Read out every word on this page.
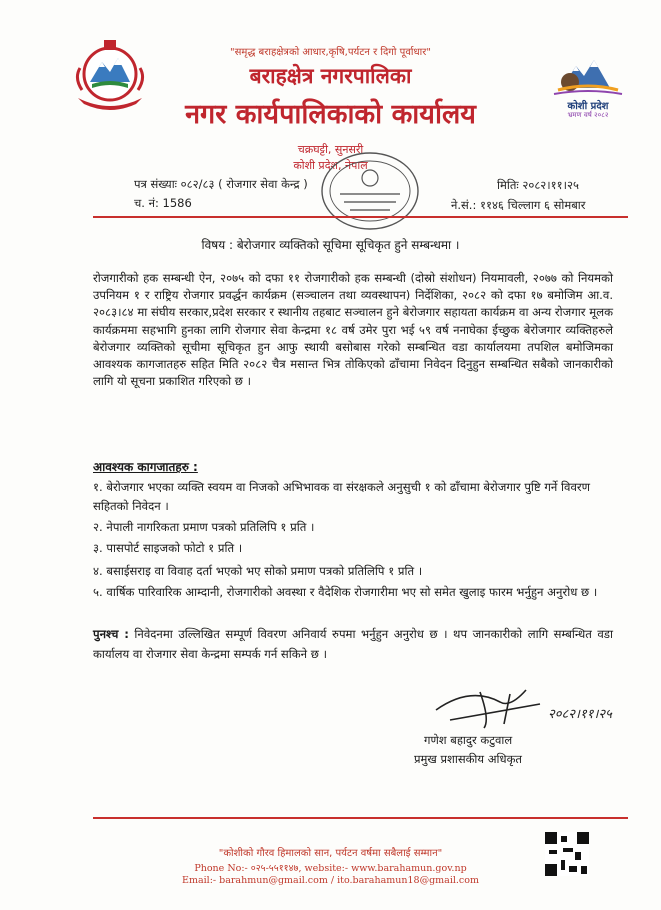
कोशी प्रदेश
भ्रमण वर्ष २०८२
"समृद्ध बराहक्षेत्रको आधार,कृषि,पर्यटन र दिगो पूर्वाधार"
बराहक्षेत्र नगरपालिका
नगर कार्यपालिकाको कार्यालय
चक्रघट्टी, सुनसरी
कोशी प्रदेश, नेपाल
पत्र संख्याः ०८२/८३ ( रोजगार सेवा केन्द्र )
च. नं: 1586
मितिः २०८२।११।२५
ने.सं.: ११४६ चिल्लाग ६ सोमबार
विषय : बेरोजगार व्यक्तिको सूचिमा सूचिकृत हुने सम्बन्धमा ।
रोजगारीको हक सम्बन्धी ऐन, २०७५ को दफा ११ रोजगारीको हक सम्बन्धी (दोस्रो संशोधन) नियमावली, २०७७ को नियमको उपनियम १ र राष्ट्रिय रोजगार प्रवर्द्धन कार्यक्रम (सञ्चालन तथा व्यवस्थापन) निर्देशिका, २०८२ को दफा १७ बमोजिम आ.व. २०८३।८४ मा संघीय सरकार,प्रदेश सरकार र स्थानीय तहबाट सञ्चालन हुने बेरोजगार सहायता कार्यक्रम वा अन्य रोजगार मूलक कार्यक्रममा सहभागि हुनका लागि रोजगार सेवा केन्द्रमा १८ वर्ष उमेर पुरा भई ५९ वर्ष ननाघेका ईच्छुक बेरोजगार व्यक्तिहरुले बेरोजगार व्यक्तिको सूचीमा सूचिकृत हुन आफु स्थायी बसोबास गरेको सम्बन्धित वडा कार्यालयमा तपशिल बमोजिमका आवश्यक कागजातहरु सहित मिति २०८२ चैत्र मसान्त भित्र तोकिएको ढाँचामा निवेदन दिनुहुन सम्बन्धित सबैको जानकारीको लागि यो सूचना प्रकाशित गरिएको छ ।
आवश्यक कागजातहरु :
१. बेरोजगार भएका व्यक्ति स्वयम वा निजको अभिभावक वा संरक्षकले अनुसुची १ को ढाँचामा बेरोजगार पुष्टि गर्ने विवरण सहितको निवेदन ।
२. नेपाली नागरिकता प्रमाण पत्रको प्रतिलिपि १ प्रति ।
३. पासपोर्ट साइजको फोटो १ प्रति ।
४. बसाईसराइ वा विवाह दर्ता भएको भए सोको प्रमाण पत्रको प्रतिलिपि १ प्रति ।
५. वार्षिक पारिवारिक आम्दानी, रोजगारीको अवस्था र वैदेशिक रोजगारीमा भए सो समेत खुलाइ फारम भर्नुहुन अनुरोध छ ।
पुनश्च : निवेदनमा उल्लिखित सम्पूर्ण विवरण अनिवार्य रुपमा भर्नुहुन अनुरोध छ । थप जानकारीको लागि सम्बन्धित वडा कार्यालय वा रोजगार सेवा केन्द्रमा सम्पर्क गर्न सकिने छ ।
२०८२।११।२५
गणेश बहादुर कटुवाल
प्रमुख प्रशासकीय अधिकृत
"कोशीको गौरव हिमालको सान, पर्यटन वर्षमा सबैलाई सम्मान"
Phone No:- ०२५-५५११४७, website:- www.barahamun.gov.np
Email:- barahmun@gmail.com / ito.barahamun18@gmail.com
